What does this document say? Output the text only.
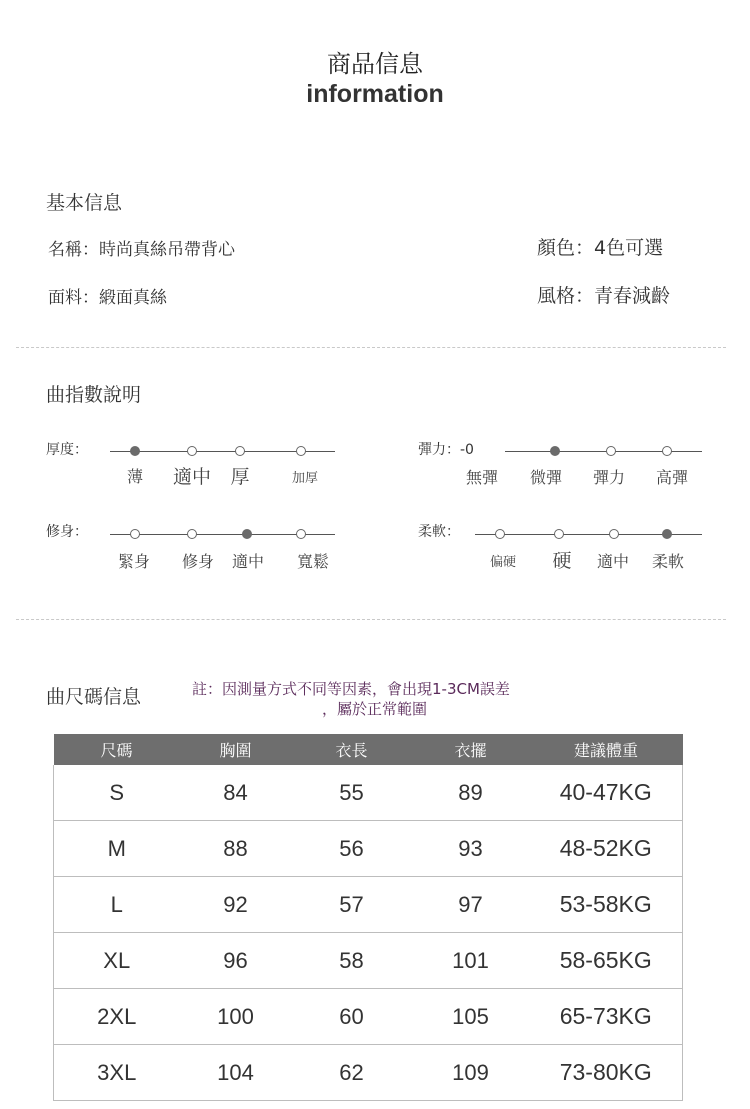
商品信息
information
基本信息
名稱：時尚真絲吊帶背心	顏色：4色可選
面料：緞面真絲	風格：青春減齡
曲指數說明
厚度：
薄 適中 厚	加厚
彈力：-0
無彈 微彈 彈力 高彈
修身：
緊身 修身 適中 寬鬆
柔軟：
偏硬 硬 適中 柔軟
曲尺碼信息	註：因測量方式不同等因素，會出現1-3CM誤差
，屬於正常範圍
尺碼	胸圍	衣長	衣擺	建議體重
S	84	55	89	40-47KG
M	88	56	93	48-52KG
L	92	57	97	53-58KG
XL	96	58	101	58-65KG
2XL	100	60	105	65-73KG
3XL	104	62	109	73-80KG
